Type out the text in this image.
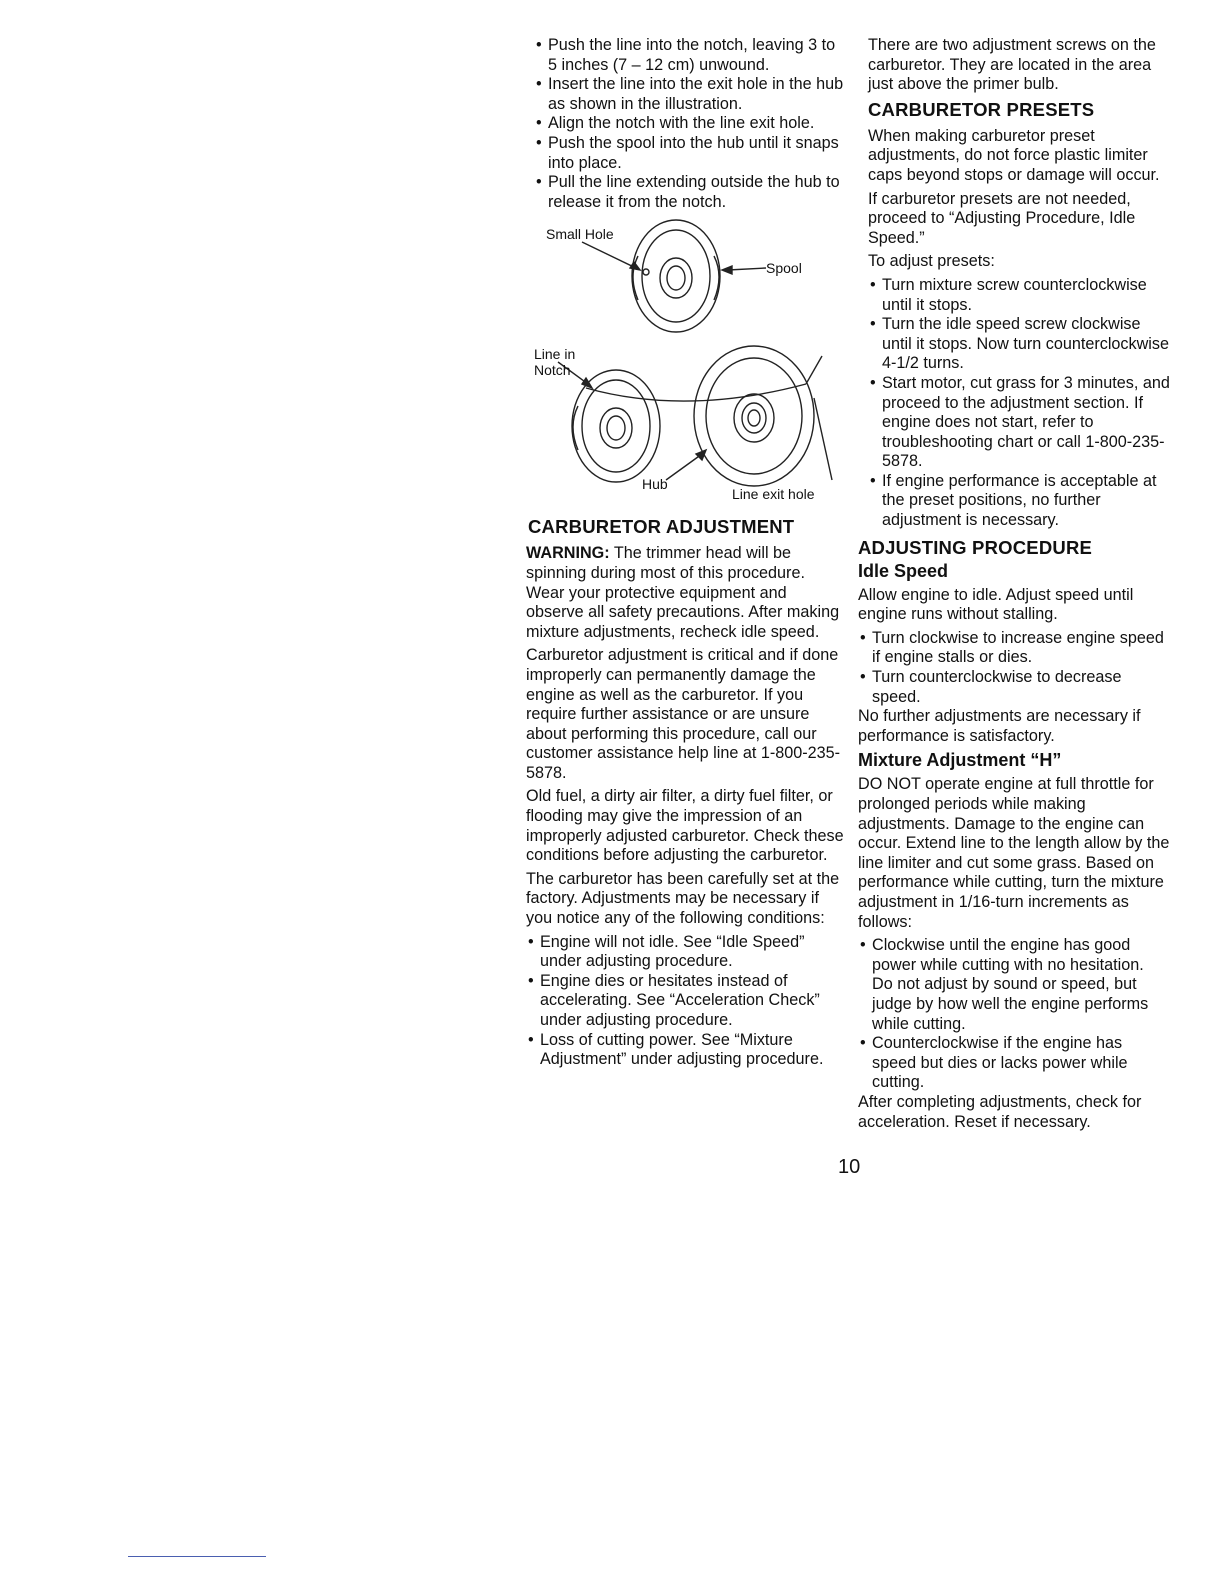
• Push the line into the notch, leaving 3 to 5 inches (7 – 12 cm) unwound.
• Insert the line into the exit hole in the hub as shown in the illustration.
• Align the notch with the line exit hole.
• Push the spool into the hub until it snaps into place.
• Pull the line extending outside the hub to release it from the notch.
Small Hole
Spool
Line in Notch
Hub
Line exit hole
CARBURETOR ADJUSTMENT

WARNING: The trimmer head will be spinning during most of this procedure. Wear your protective equipment and observe all safety precautions. After making mixture adjustments, recheck idle speed.

Carburetor adjustment is critical and if done improperly can permanently damage the engine as well as the carburetor. If you require further assistance or are unsure about performing this procedure, call our customer assistance help line at 1-800-235-5878.

Old fuel, a dirty air filter, a dirty fuel filter, or flooding may give the impression of an improperly adjusted carburetor. Check these conditions before adjusting the carburetor.

The carburetor has been carefully set at the factory. Adjustments may be necessary if you notice any of the following conditions:

• Engine will not idle. See “Idle Speed” under adjusting procedure.
• Engine dies or hesitates instead of accelerating. See “Acceleration Check” under adjusting procedure.
• Loss of cutting power. See “Mixture Adjustment” under adjusting procedure.

There are two adjustment screws on the carburetor. They are located in the area just above the primer bulb.

CARBURETOR PRESETS

When making carburetor preset adjustments, do not force plastic limiter caps beyond stops or damage will occur.

If carburetor presets are not needed, proceed to “Adjusting Procedure, Idle Speed.”

To adjust presets:

• Turn mixture screw counterclockwise until it stops.
• Turn the idle speed screw clockwise until it stops. Now turn counterclockwise 4-1/2 turns.
• Start motor, cut grass for 3 minutes, and proceed to the adjustment section. If engine does not start, refer to troubleshooting chart or call 1-800-235-5878.
• If engine performance is acceptable at the preset positions, no further adjustment is necessary.
ADJUSTING PROCEDURE
Idle Speed

Allow engine to idle. Adjust speed until engine runs without stalling.

• Turn clockwise to increase engine speed if engine stalls or dies.
• Turn counterclockwise to decrease speed.

No further adjustments are necessary if performance is satisfactory.

Mixture Adjustment “H”

DO NOT operate engine at full throttle for prolonged periods while making adjustments. Damage to the engine can occur. Extend line to the length allow by the line limiter and cut some grass. Based on performance while cutting, turn the mixture adjustment in 1/16-turn increments as follows:

• Clockwise until the engine has good power while cutting with no hesitation.
Do not adjust by sound or speed, but judge by how well the engine performs while cutting.
• Counterclockwise if the engine has speed but dies or lacks power while cutting.

After completing adjustments, check for acceleration. Reset if necessary.

10
